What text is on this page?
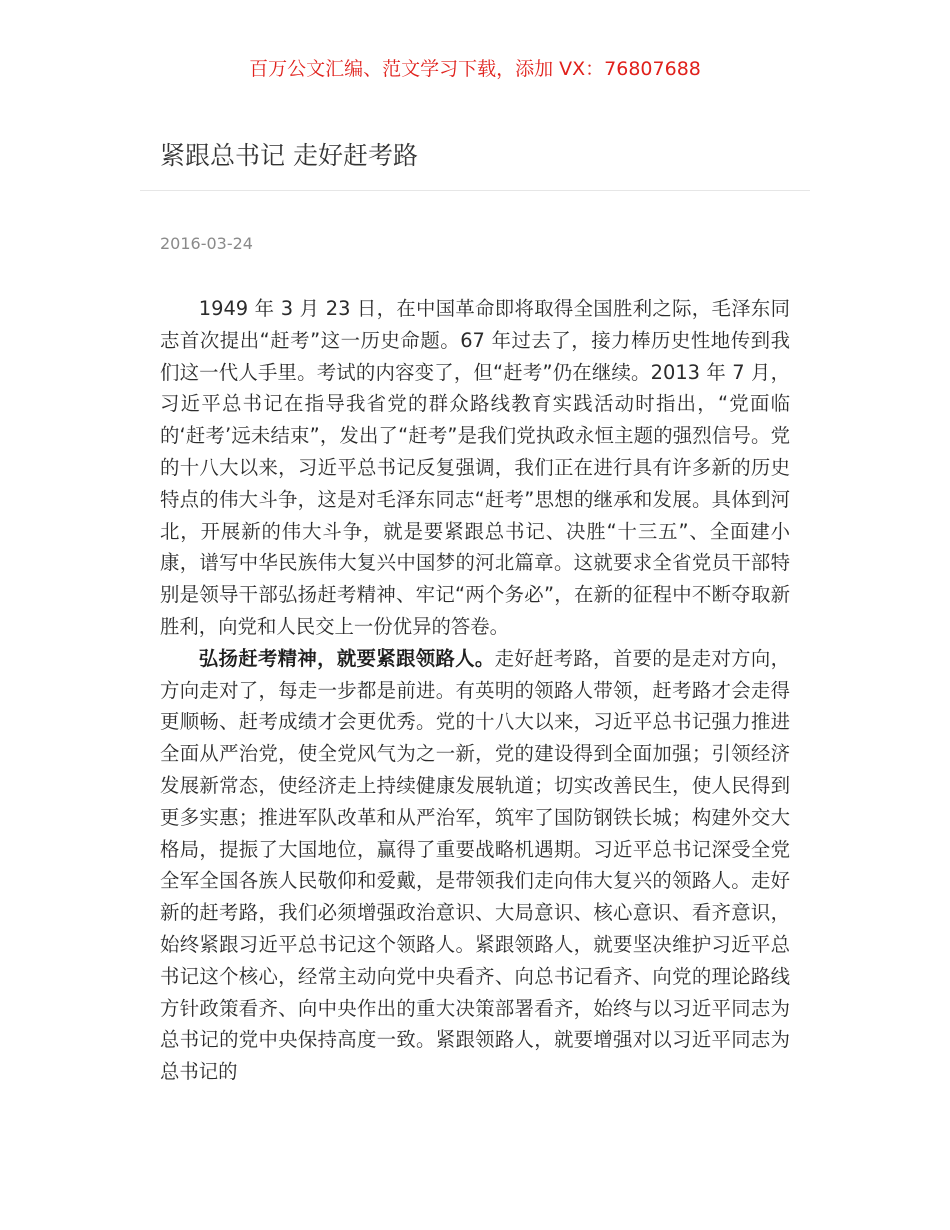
百万公文汇编、范文学习下载，添加 VX：76807688
紧跟总书记 走好赶考路
2016-03-24

1949 年 3 月 23 日，在中国革命即将取得全国胜利之际，毛泽东同志首次提出“赶考”这一历史命题。67 年过去了，接力棒历史性地传到我们这一代人手里。考试的内容变了，但“赶考”仍在继续。2013 年 7 月，习近平总书记在指导我省党的群众路线教育实践活动时指出，“党面临的‘赶考’远未结束”，发出了“赶考”是我们党执政永恒主题的强烈信号。党的十八大以来，习近平总书记反复强调，我们正在进行具有许多新的历史特点的伟大斗争，这是对毛泽东同志“赶考”思想的继承和发展。具体到河北，开展新的伟大斗争，就是要紧跟总书记、决胜“十三五”、全面建小康，谱写中华民族伟大复兴中国梦的河北篇章。这就要求全省党员干部特别是领导干部弘扬赶考精神、牢记“两个务必”，在新的征程中不断夺取新胜利，向党和人民交上一份优异的答卷。

弘扬赶考精神，就要紧跟领路人。走好赶考路，首要的是走对方向，方向走对了，每走一步都是前进。有英明的领路人带领，赶考路才会走得更顺畅、赶考成绩才会更优秀。党的十八大以来，习近平总书记强力推进全面从严治党，使全党风气为之一新，党的建设得到全面加强；引领经济发展新常态，使经济走上持续健康发展轨道；切实改善民生，使人民得到更多实惠；推进军队改革和从严治军，筑牢了国防钢铁长城；构建外交大格局，提振了大国地位，赢得了重要战略机遇期。习近平总书记深受全党全军全国各族人民敬仰和爱戴，是带领我们走向伟大复兴的领路人。走好新的赶考路，我们必须增强政治意识、大局意识、核心意识、看齐意识，始终紧跟习近平总书记这个领路人。紧跟领路人，就要坚决维护习近平总书记这个核心，经常主动向党中央看齐、向总书记看齐、向党的理论路线方针政策看齐、向中央作出的重大决策部署看齐，始终与以习近平同志为总书记的党中央保持高度一致。紧跟领路人，就要增强对以习近平同志为总书记的
